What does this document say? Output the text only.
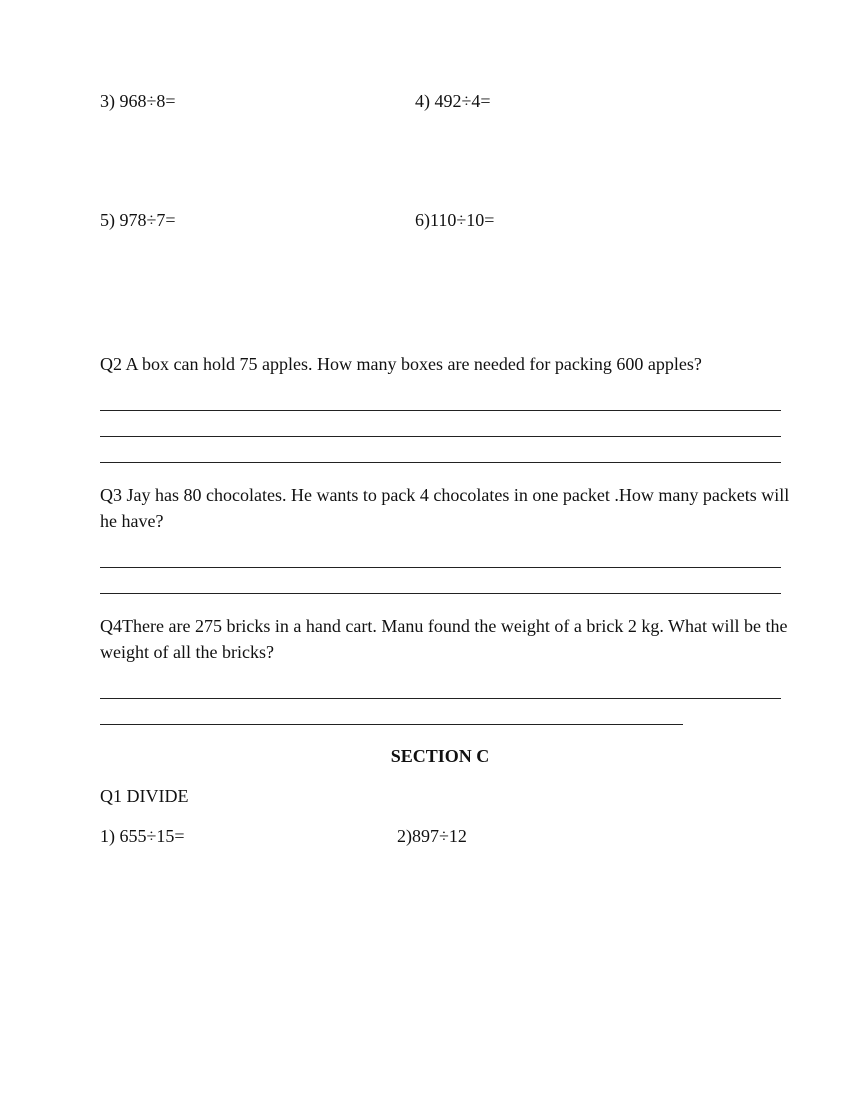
3) 968÷8=	4) 492÷4=
5) 978÷7=	6)110÷10=
Q2 A box can hold 75 apples. How many boxes are needed for packing 600 apples?
Q3 Jay has 80 chocolates. He wants to pack 4 chocolates in one packet .How many packets will he have?
Q4There are 275 bricks in a hand cart. Manu found the weight of a brick 2 kg. What will be the weight of all the bricks?
SECTION C
Q1 DIVIDE
1) 655÷15=	2)897÷12
